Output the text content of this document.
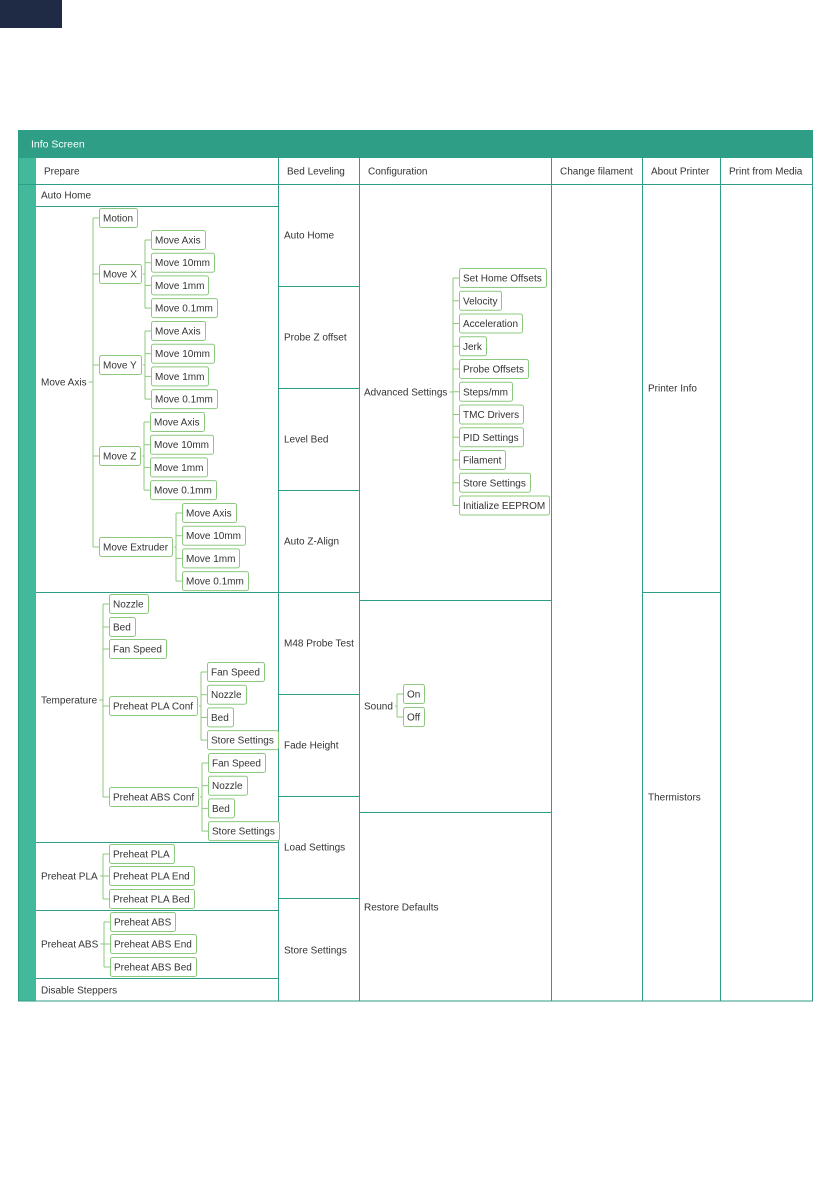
Info Screen
Prepare	Bed Leveling Configuration	Change filament About Printer Print from Media
Auto Home
Move Axis
Motion
Move X
Move Axis
Move 10mm
Move 1mm
Move 0.1mm
Move Y
Move Axis
Move 10mm
Move 1mm
Move 0.1mm
Move Z
Move Axis
Move 10mm
Move 1mm
Move 0.1mm
Move Extruder
Move Axis
Move 10mm
Move 1mm
Move 0.1mm
Temperature
Nozzle
Bed
Fan Speed
Preheat PLA Conf
Fan Speed
Nozzle
Bed
Store Settings
Preheat ABS Conf
Fan Speed
Nozzle
Bed
Store Settings
Preheat PLA
Preheat PLA
Preheat PLA End
Preheat PLA Bed
Preheat ABS
Preheat ABS
Preheat ABS End
Preheat ABS Bed
Disable Steppers
Auto Home
Probe Z offset
Level Bed
Auto Z-Align
M48 Probe Test
Fade Height
Load Settings
Store Settings
Advanced Settings
Set Home Offsets
Velocity
Acceleration
Jerk
Probe Offsets
Steps/mm
TMC Drivers
PID Settings
Filament
Store Settings
Initialize EEPROM
Sound
On
Off
Restore Defaults
Printer Info
Thermistors
